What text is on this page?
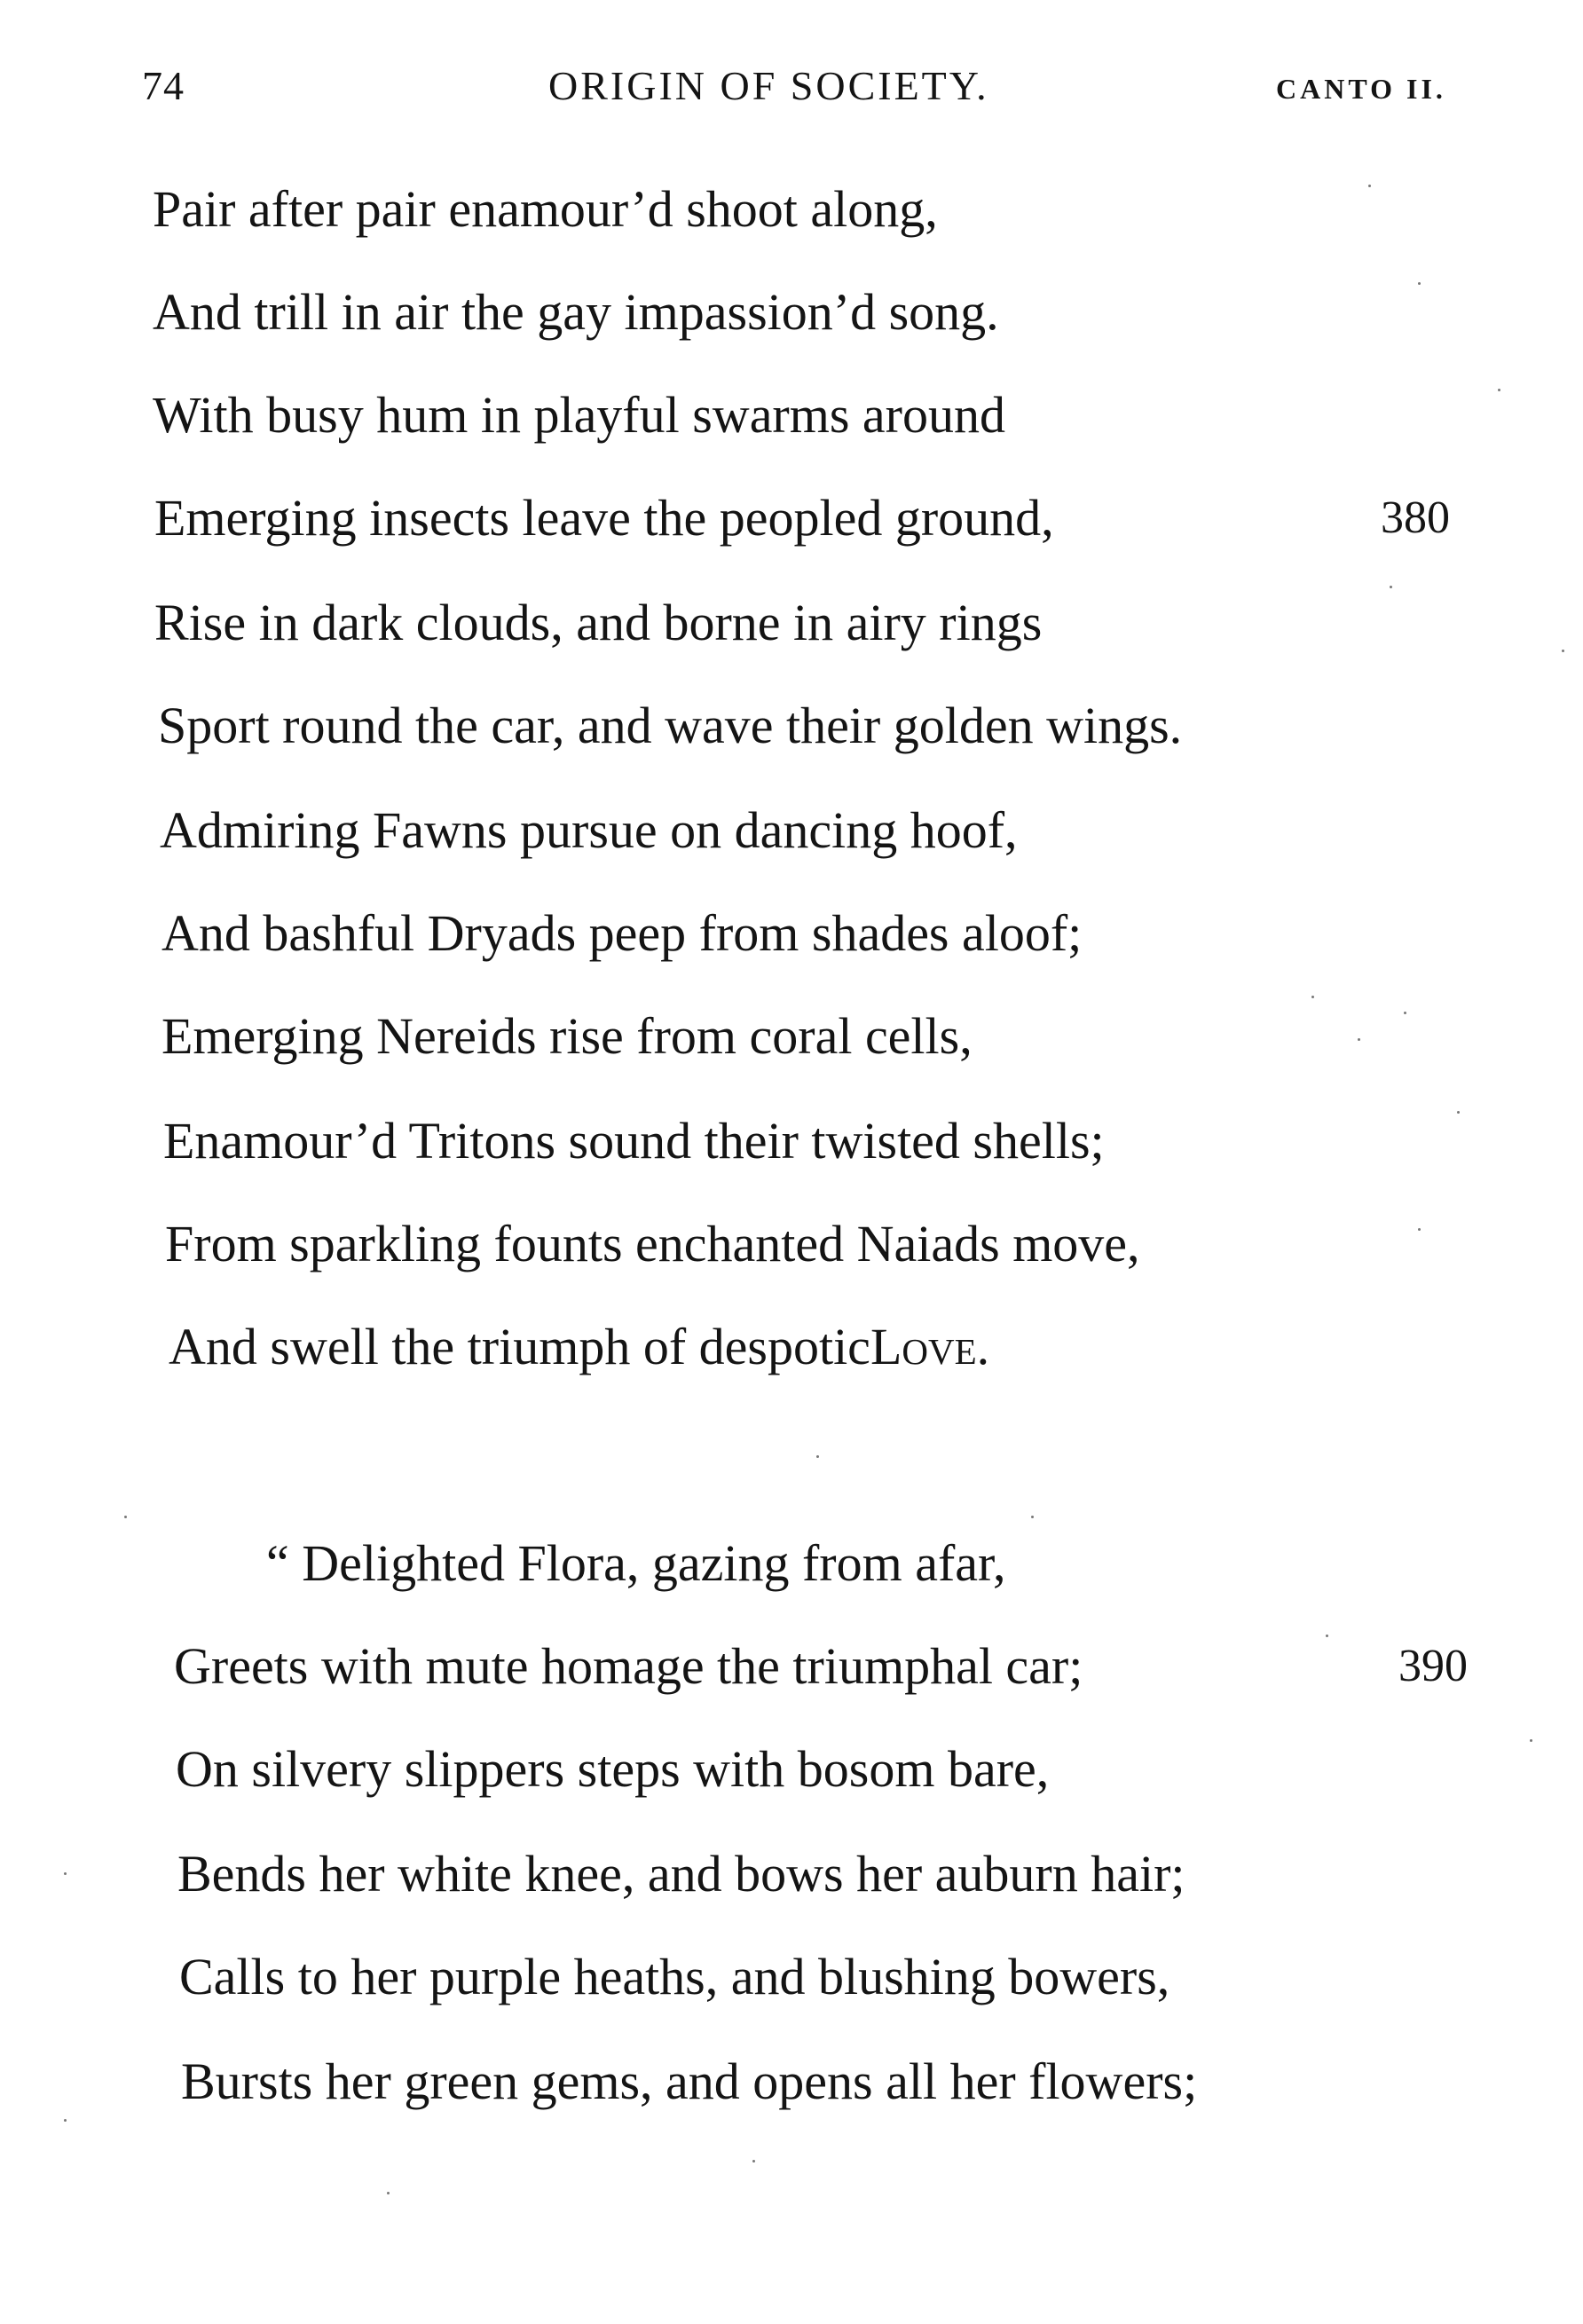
74	ORIGIN OF SOCIETY.	CANTO II.
Pair after pair enamour’d shoot along,
And trill in air the gay impassion’d song.
With busy hum in playful swarms around
Emerging insects leave the peopled ground,	380
Rise in dark clouds, and borne in airy rings
Sport round the car, and wave their golden wings.
Admiring Fawns pursue on dancing hoof,
And bashful Dryads peep from shades aloof;
Emerging Nereids rise from coral cells,
Enamour’d Tritons sound their twisted shells;
From sparkling founts enchanted Naiads move,
And swell the triumph of despoticLove.
“ Delighted Flora, gazing from afar,
Greets with mute homage the triumphal car;	390
On silvery slippers steps with bosom bare,
Bends her white knee, and bows her auburn hair;
Calls to her purple heaths, and blushing bowers,
Bursts her green gems, and opens all her flowers;
